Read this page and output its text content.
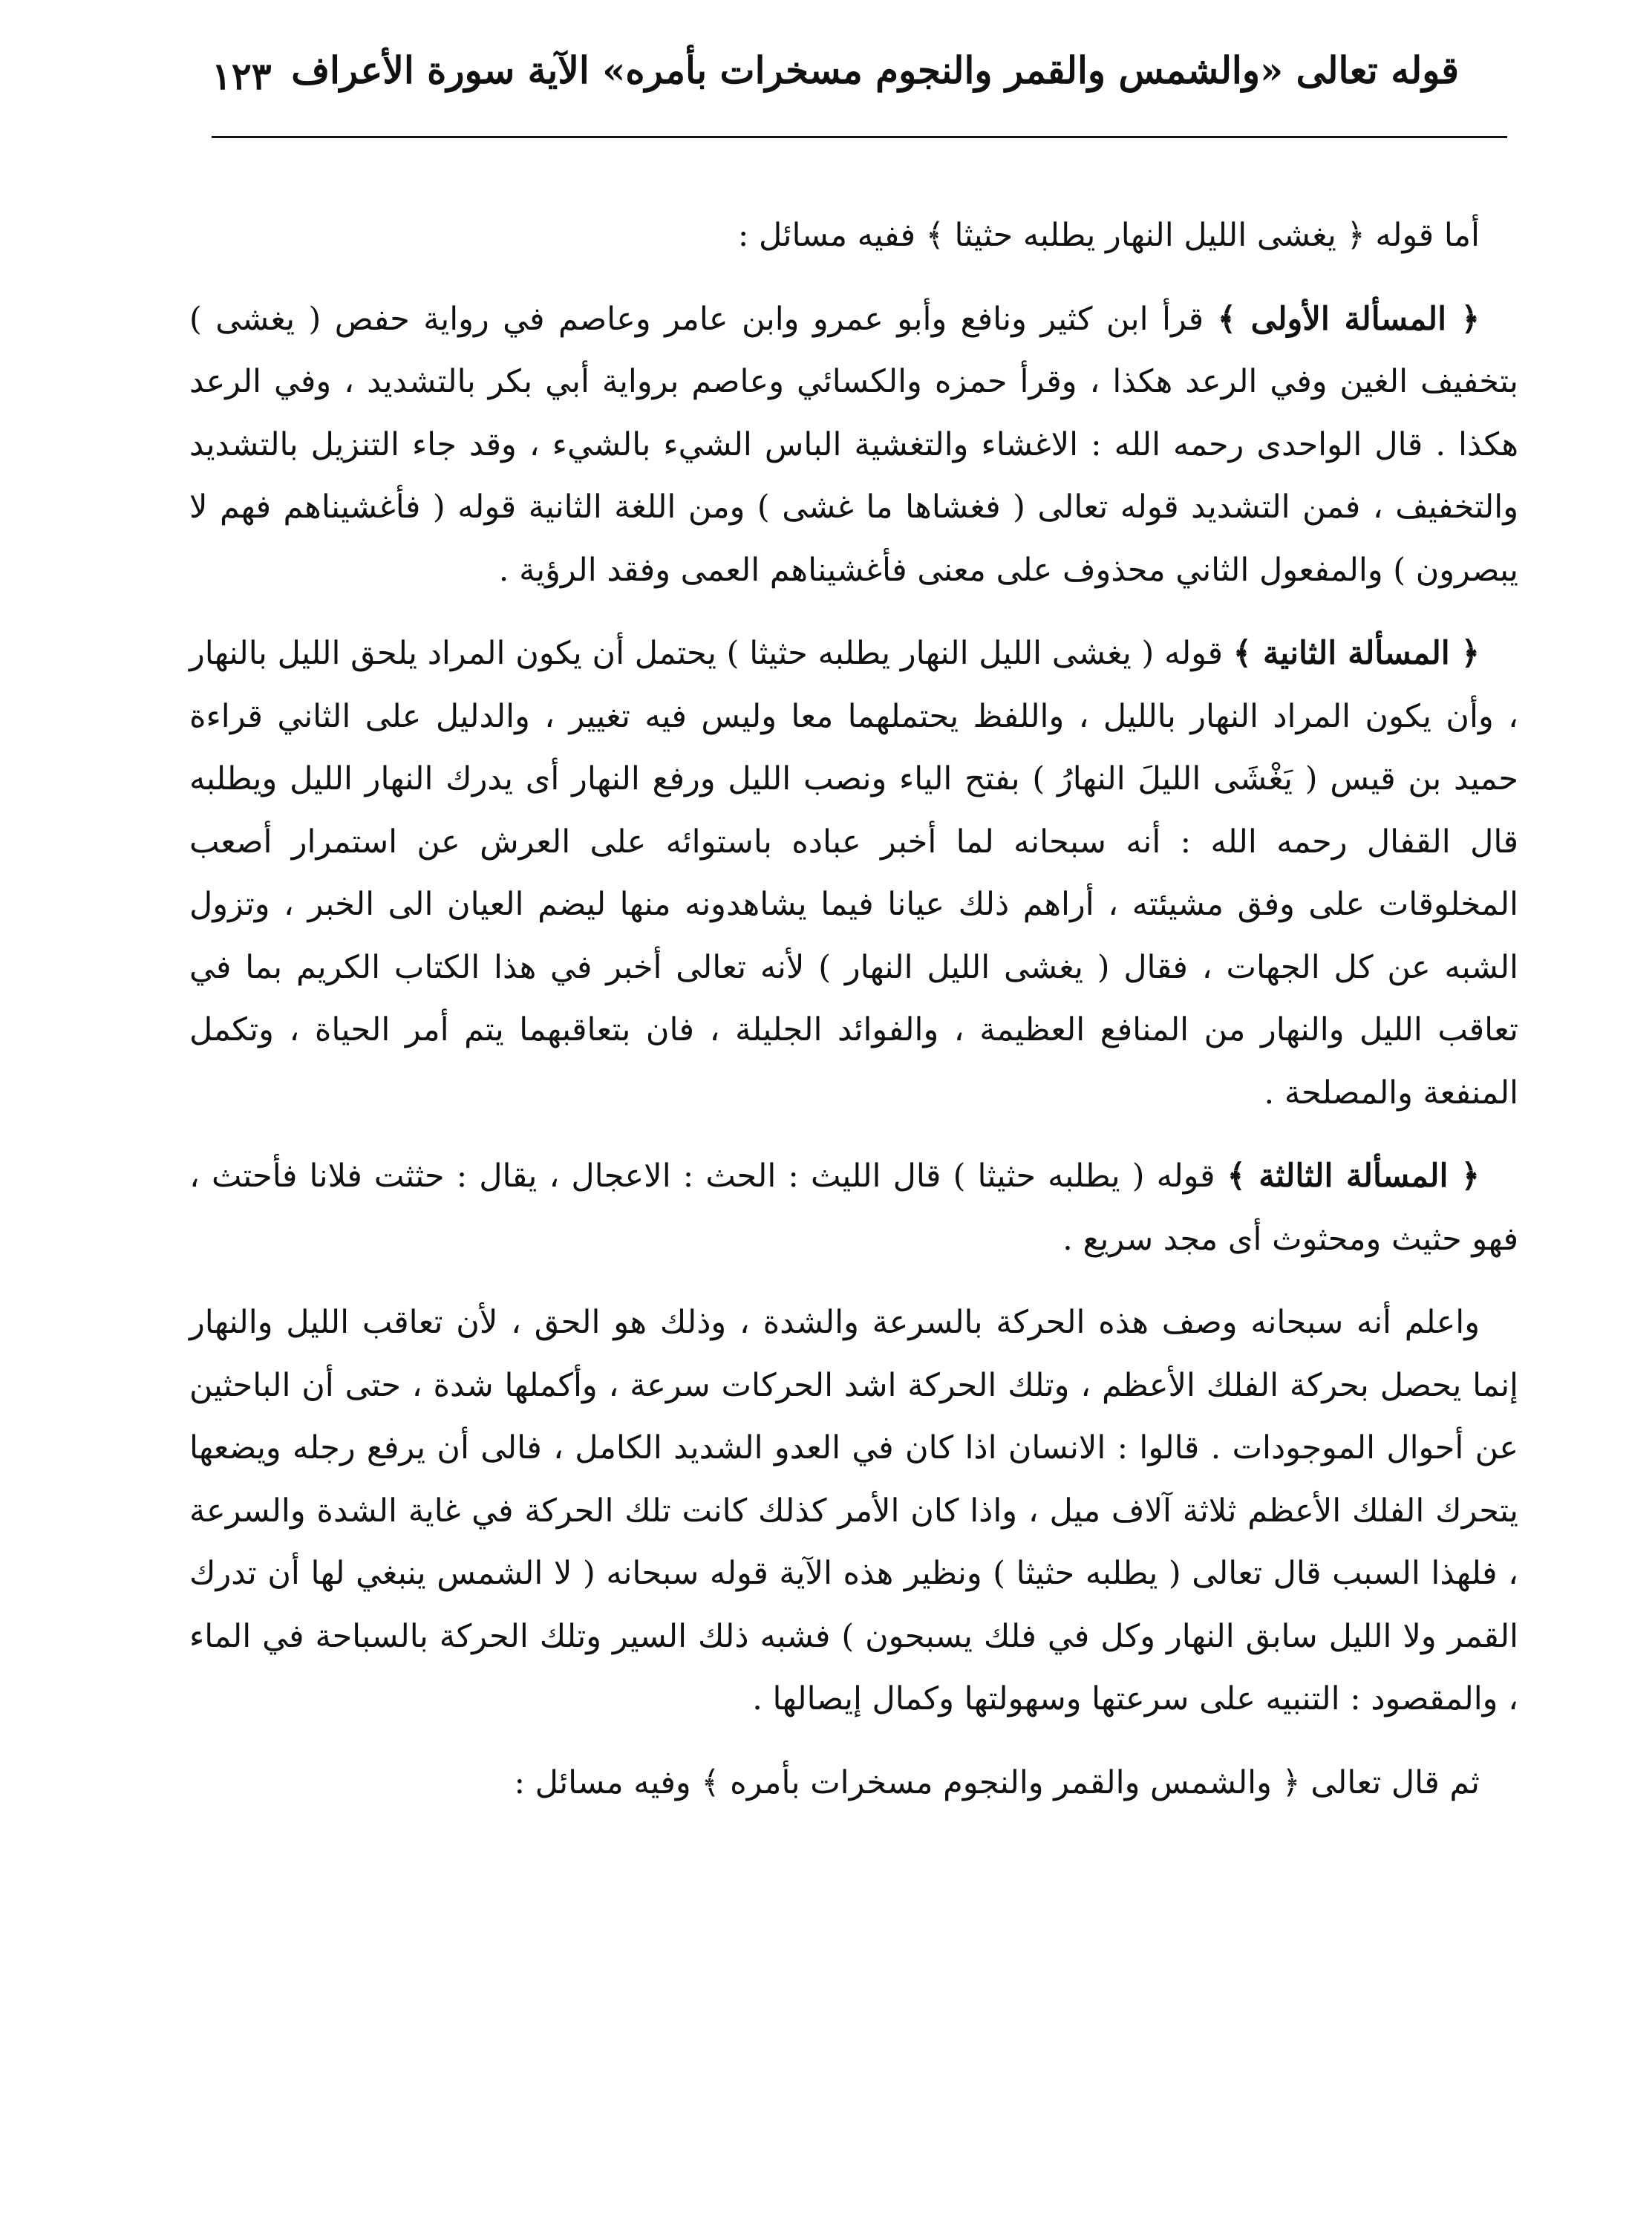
قوله تعالى «والشمس والقمر والنجوم مسخرات بأمره» الآية سورة الأعراف
١٢٣

أما قوله ﴿ يغشى الليل النهار يطلبه حثيثا ﴾ ففيه مسائل :

﴿ المسألة الأولى ﴾ قرأ ابن كثير ونافع وأبو عمرو وابن عامر وعاصم في رواية حفص ( يغشى ) بتخفيف الغين وفي الرعد هكذا ، وقرأ حمزه والكسائي وعاصم برواية أبي بكر بالتشديد ، وفي الرعد هكذا . قال الواحدى رحمه الله : الاغشاء والتغشية الباس الشيء بالشيء ، وقد جاء التنزيل بالتشديد والتخفيف ، فمن التشديد قوله تعالى ( فغشاها ما غشى ) ومن اللغة الثانية قوله ( فأغشيناهم فهم لا يبصرون ) والمفعول الثاني محذوف على معنى فأغشيناهم العمى وفقد الرؤية .

﴿ المسألة الثانية ﴾ قوله ( يغشى الليل النهار يطلبه حثيثا ) يحتمل أن يكون المراد يلحق الليل بالنهار ، وأن يكون المراد النهار بالليل ، واللفظ يحتملهما معا وليس فيه تغيير ، والدليل على الثاني قراءة حميد بن قيس ( يَغْشَى الليلَ النهارُ ) بفتح الياء ونصب الليل ورفع النهار أى يدرك النهار الليل ويطلبه قال القفال رحمه الله : أنه سبحانه لما أخبر عباده باستوائه على العرش عن استمرار أصعب المخلوقات على وفق مشيئته ، أراهم ذلك عيانا فيما يشاهدونه منها ليضم العيان الى الخبر ، وتزول الشبه عن كل الجهات ، فقال ( يغشى الليل النهار ) لأنه تعالى أخبر في هذا الكتاب الكريم بما في تعاقب الليل والنهار من المنافع العظيمة ، والفوائد الجليلة ، فان بتعاقبهما يتم أمر الحياة ، وتكمل المنفعة والمصلحة .

﴿ المسألة الثالثة ﴾ قوله ( يطلبه حثيثا ) قال الليث : الحث : الاعجال ، يقال : حثثت فلانا فأحتث ، فهو حثيث ومحثوث أى مجد سريع .

واعلم أنه سبحانه وصف هذه الحركة بالسرعة والشدة ، وذلك هو الحق ، لأن تعاقب الليل والنهار إنما يحصل بحركة الفلك الأعظم ، وتلك الحركة اشد الحركات سرعة ، وأكملها شدة ، حتى أن الباحثين عن أحوال الموجودات . قالوا : الانسان اذا كان في العدو الشديد الكامل ، فالى أن يرفع رجله ويضعها يتحرك الفلك الأعظم ثلاثة آلاف ميل ، واذا كان الأمر كذلك كانت تلك الحركة في غاية الشدة والسرعة ، فلهذا السبب قال تعالى ( يطلبه حثيثا ) ونظير هذه الآية قوله سبحانه ( لا الشمس ينبغي لها أن تدرك القمر ولا الليل سابق النهار وكل في فلك يسبحون ) فشبه ذلك السير وتلك الحركة بالسباحة في الماء ، والمقصود : التنبيه على سرعتها وسهولتها وكمال إيصالها .

ثم قال تعالى ﴿ والشمس والقمر والنجوم مسخرات بأمره ﴾ وفيه مسائل :
